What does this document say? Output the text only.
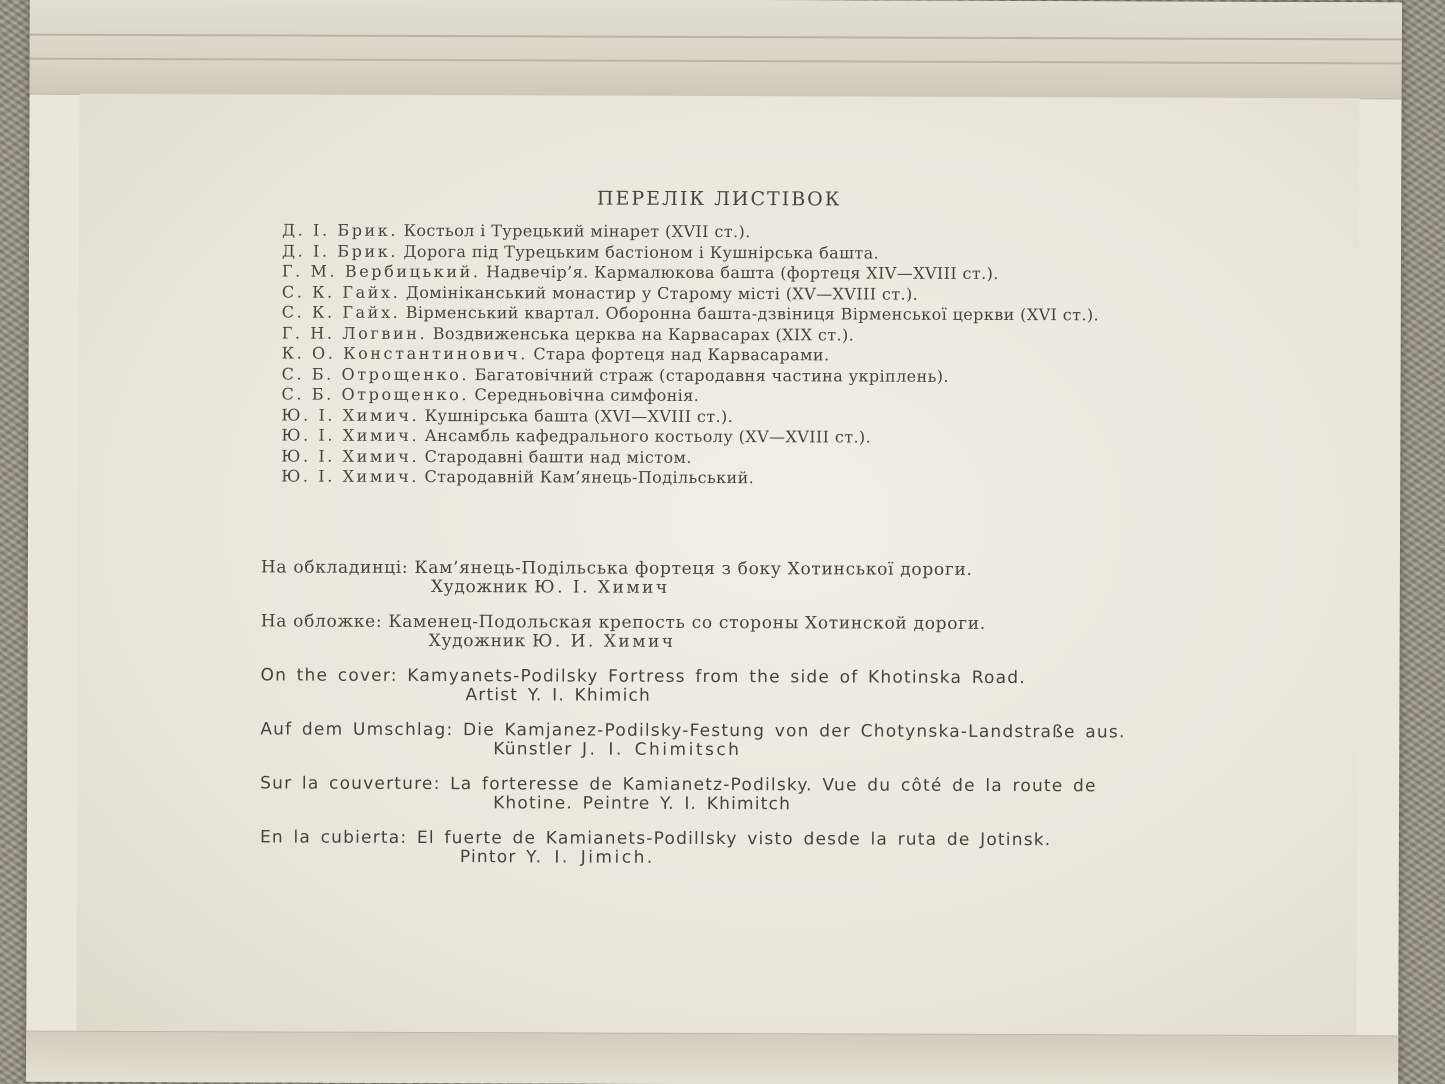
ПЕРЕЛІК ЛИСТІВОК
Д. І. Брик. Костьол і Турецький мінарет (XVII ст.).
Д. І. Брик. Дорога під Турецьким бастіоном і Кушнірська башта.
Г. М. Вербицький. Надвечір’я. Кармалюкова башта (фортеця XIV—XVIII ст.).
С. К. Гайх. Домініканський монастир у Старому місті (XV—XVIII ст.).
С. К. Гайх. Вірменський квартал. Оборонна башта-дзвіниця Вірменської церкви (XVI ст.).
Г. Н. Логвин. Воздвиженська церква на Карвасарах (XIX ст.).
К. О. Константинович. Стара фортеця над Карвасарами.
С. Б. Отрощенко. Багатовічний страж (стародавня частина укріплень).
С. Б. Отрощенко. Середньовічна симфонія.
Ю. І. Химич. Кушнірська башта (XVI—XVIII ст.).
Ю. І. Химич. Ансамбль кафедрального костьолу (XV—XVIII ст.).
Ю. І. Химич. Стародавні башти над містом.
Ю. І. Химич. Стародавній Кам’янець-Подільський.
На обкладинці: Кам’янець-Подільська фортеця з боку Хотинської дороги.
Художник Ю. І. Химич
На обложке: Каменец-Подольская крепость со стороны Хотинской дороги.
Художник Ю. И. Химич
On the cover: Kamyanets-Podilsky Fortress from the side of Khotinska Road.
Artist Y. I. Khimich
Auf dem Umschlag: Die Kamjanez-Podilsky-Festung von der Chotynska-Landstraße aus.
Künstler J. I. Chimitsch
Sur la couverture: La forteresse de Kamianetz-Podilsky. Vue du côté de la route de
Khotine. Peintre Y. I. Khimitch
En la cubierta: El fuerte de Kamianets-Podillsky visto desde la ruta de Jotinsk.
Pintor Y. I. Jimich.
